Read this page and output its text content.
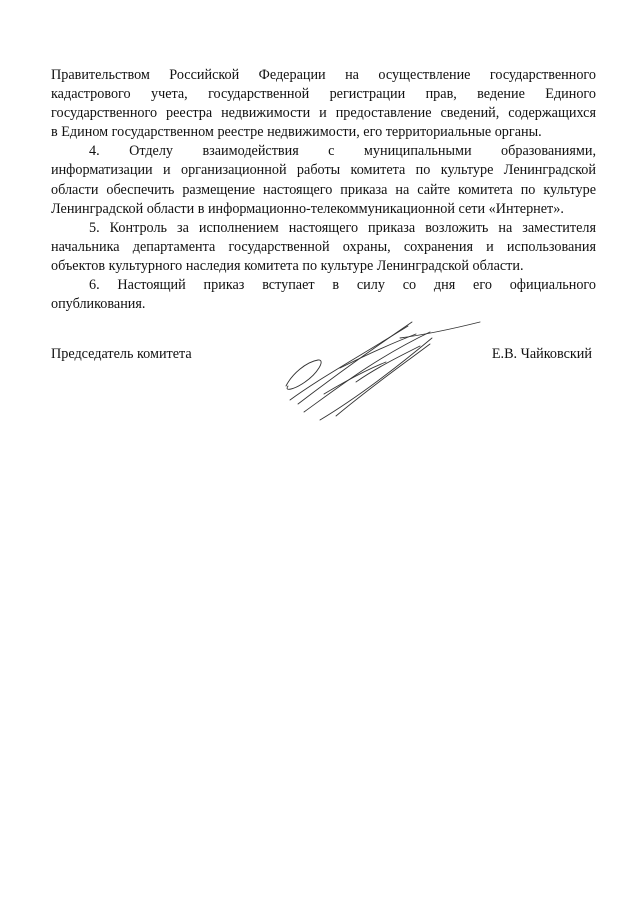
Правительством Российской Федерации на осуществление государственного
кадастрового учета, государственной регистрации прав, ведение Единого
государственного реестра недвижимости и предоставление сведений, содержащихся
в Едином государственном реестре недвижимости, его территориальные органы.
4. Отделу взаимодействия с муниципальными образованиями,
информатизации и организационной работы комитета по культуре Ленинградской
области обеспечить размещение настоящего приказа на сайте комитета по культуре
Ленинградской области в информационно-телекоммуникационной сети «Интернет».
5. Контроль за исполнением настоящего приказа возложить на заместителя
начальника департамента государственной охраны, сохранения и использования
объектов культурного наследия комитета по культуре Ленинградской области.
6. Настоящий приказ вступает в силу со дня его официального
опубликования.
Председатель комитета	Е.В. Чайковский
